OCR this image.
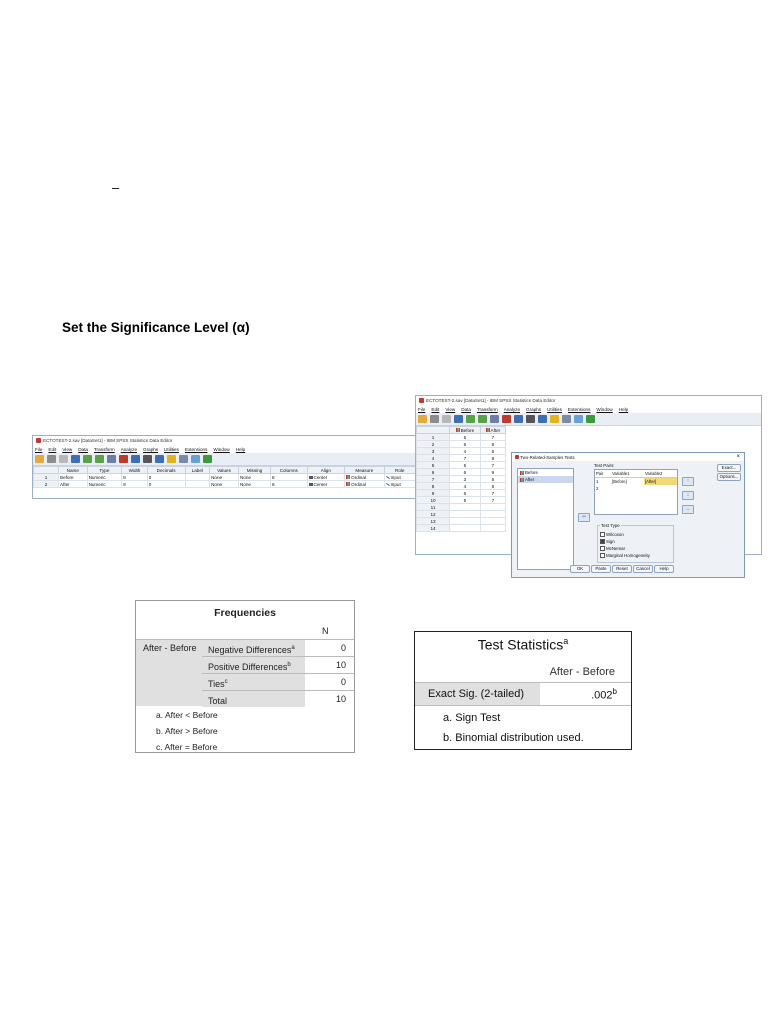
–
Set the Significance Level (α)
ECTOTEST-2.sav [DataSet1] - IBM SPSS Statistics Data Editor
File Edit View Data Transform Analyze Graphs Utilities Extensions Window Help
	Name	Type	Width	Decimals	Label	Values	Missing	Columns	Align	Measure	Role
1	Before	Numeric	8	0		None	None	8	Center	Ordinal	Input
2	After	Numeric	8	0		None	None	8	Center	Ordinal	Input
ECTOTEST-2.sav [DataSet1] - IBM SPSS Statistics Data Editor
File Edit View Data Transform Analyze Graphs Utilities Extensions Window Help
	Before	After
1	5	7
2	6	8
3	4	6
4	7	8
5	5	7
6	6	9
7	3	5
8	4	6
9	6	7
10	5	7
11		
12		
13		
14		
Two-Related-Samples Tests	×
Before
After
⇦
Test Pairs:
Pair	Variable1	Variable2
1	[Before]	[After]
2		
↑
↓
↔
Test Type
Wilcoxon
Sign
McNemar
Marginal Homogeneity
Exact...
Options...
OK	Paste	Reset	Cancel	Help
Frequencies
N
After - Before	Negative Differences$^a$	0
Positive Differences$^b$	10
Ties$^c$	0
Total	10
a. After < Before
b. After > Before
c. After = Before
Test Statistics$^a$
After - Before
Exact Sig. (2-tailed)	.002$^b$
a. Sign Test
b. Binomial distribution used.
